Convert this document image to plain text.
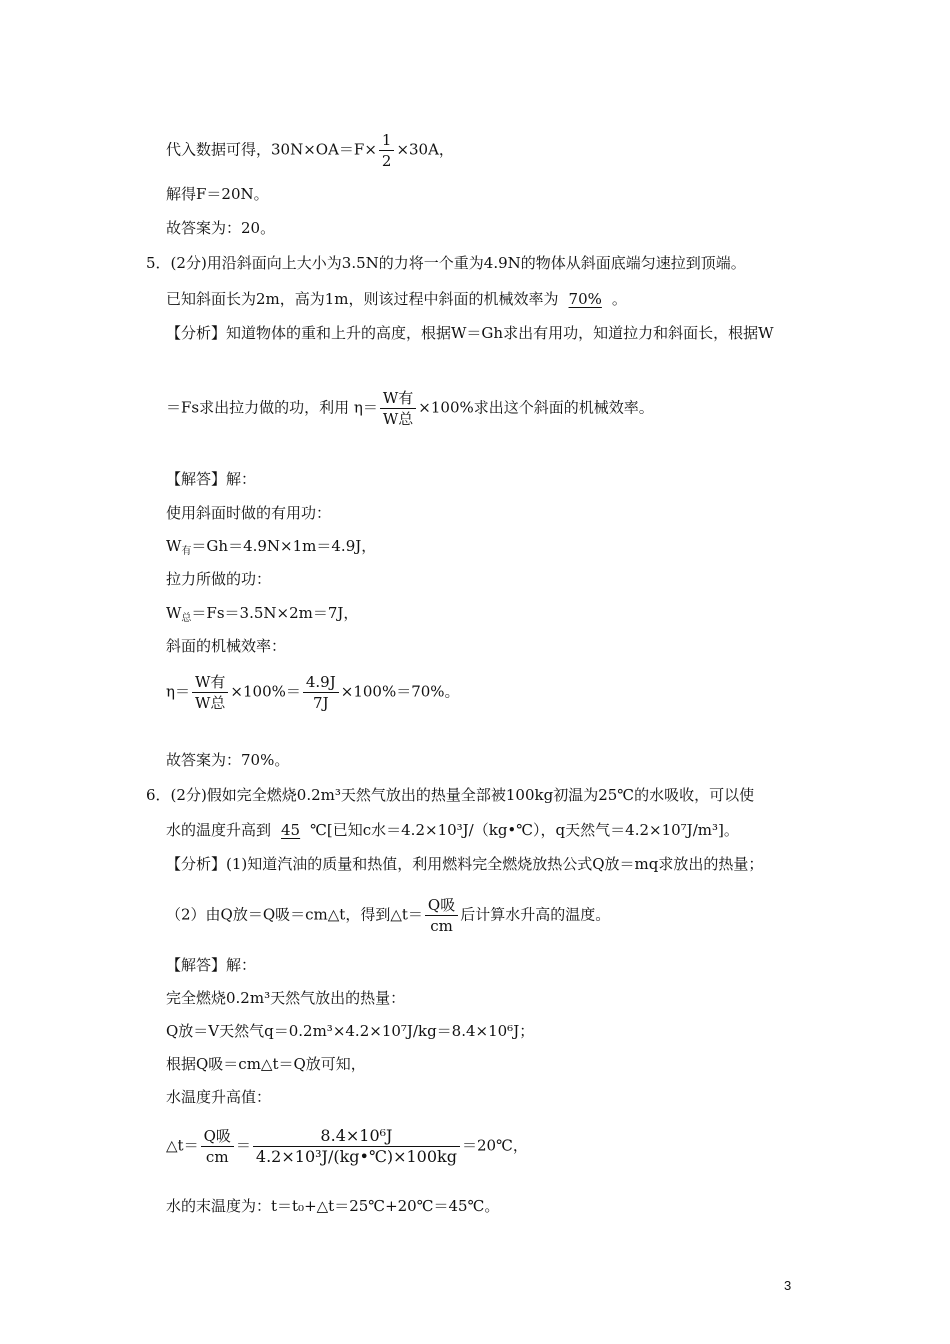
代入数据可得，$30N\times OA=F\times \frac{1}{2} \times 30A$，
解得F＝20N。
故答案为：20。
5．(2分)用沿斜面向上大小为3.5N的力将一个重为4.9N的物体从斜面底端匀速拉到顶端。
已知斜面长为2m，高为1m，则该过程中斜面的机械效率为 70% 。
【分析】知道物体的重和上升的高度，根据W＝Gh求出有用功，知道拉力和斜面长，根据W
＝Fs求出拉力做的功，利用 $\eta= \frac{\text{W有}}{\text{W总}} \times 100\%$求出这个斜面的机械效率。
【解答】解：
使用斜面时做的有用功：
$W_有=Gh=4.9N\times 1m=4.9J$，
拉力所做的功：
$W_总=Fs=3.5N\times 2m=7J$，
斜面的机械效率：
$\eta= \frac{\text{W有}}{\text{W总}} \times 100\%= \frac{4.9J}{7J} \times 100\%=70\%$。
故答案为：70%。
6．(2分)假如完全燃烧0.2m³天然气放出的热量全部被100kg初温为25℃的水吸收，可以使
水的温度升高到 45 ℃[已知c水＝4.2×10³J/（kg•℃），q天然气＝4.2×10⁷J/m³]。
【分析】(1)知道汽油的质量和热值，利用燃料完全燃烧放热公式Q放＝mq求放出的热量；
（2）由Q放＝Q吸＝cm△t，得到△t＝ $\frac{\text{Q吸}}{cm}$ 后计算水升高的温度。
【解答】解：
完全燃烧0.2m³天然气放出的热量：
Q放＝V天然气q＝0.2m³×4.2×10⁷J/kg＝8.4×10⁶J；
根据Q吸＝cm△t＝Q放可知，
水温度升高值：
△t＝ $\frac{\text{Q吸}}{cm} = \frac{\text{8.4×10⁶J}}{\text{4.2×10³J/(kg•℃)×100kg}}$ ＝20℃，
水的末温度为：t＝t₀+△t＝25℃+20℃＝45℃。
3
